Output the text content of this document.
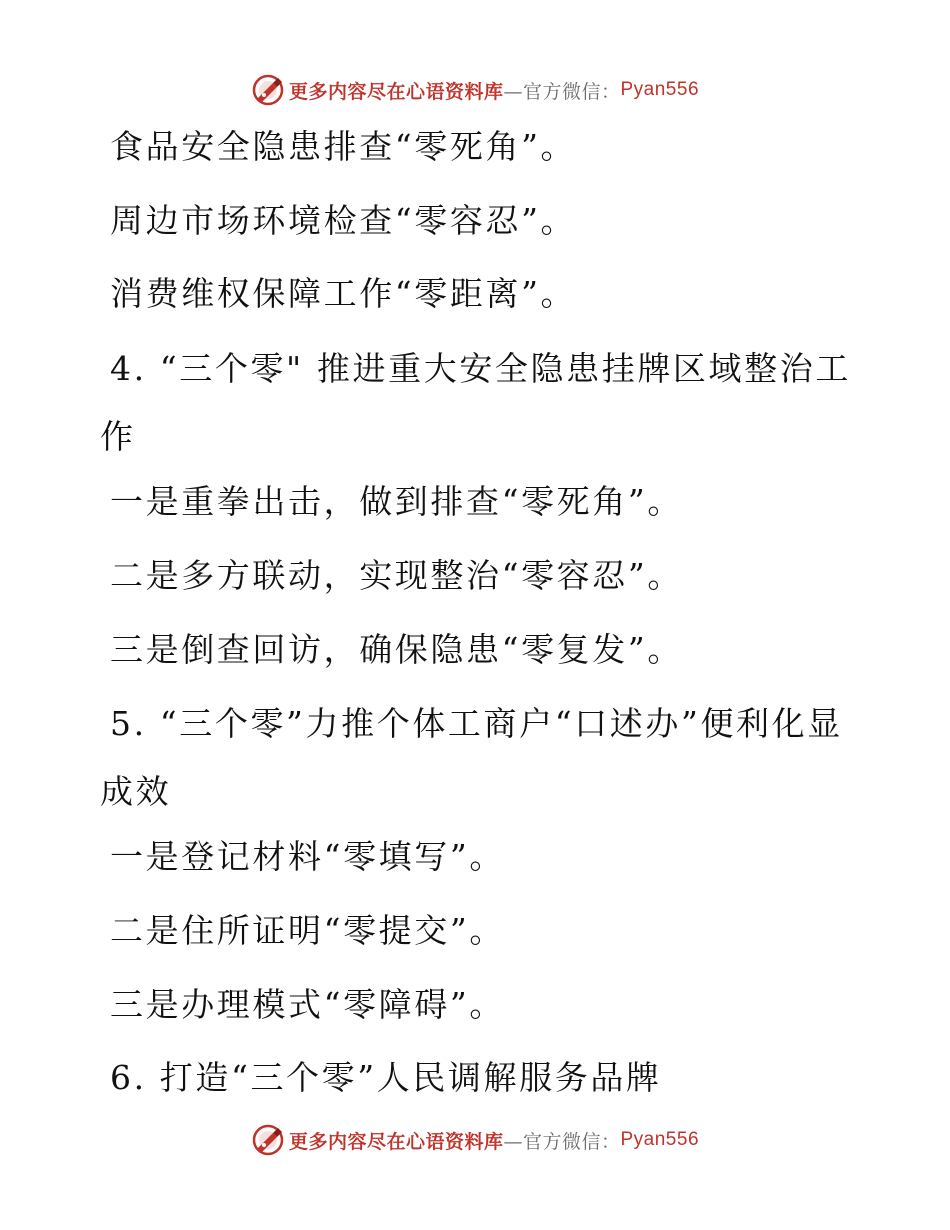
更多内容尽在心语资料库 —官方微信： Pyan556
食品安全隐患排查“零死角”。
周边市场环境检查“零容忍”。
消费维权保障工作“零距离”。
4. “三个零" 推进重大安全隐患挂牌区域整治工作
一是重拳出击，做到排查“零死角”。
二是多方联动，实现整治“零容忍”。
三是倒查回访，确保隐患“零复发”。
5. “三个零”力推个体工商户“口述办”便利化显成效
一是登记材料“零填写”。
二是住所证明“零提交”。
三是办理模式“零障碍”。
6. 打造“三个零”人民调解服务品牌
更多内容尽在心语资料库 —官方微信： Pyan556
